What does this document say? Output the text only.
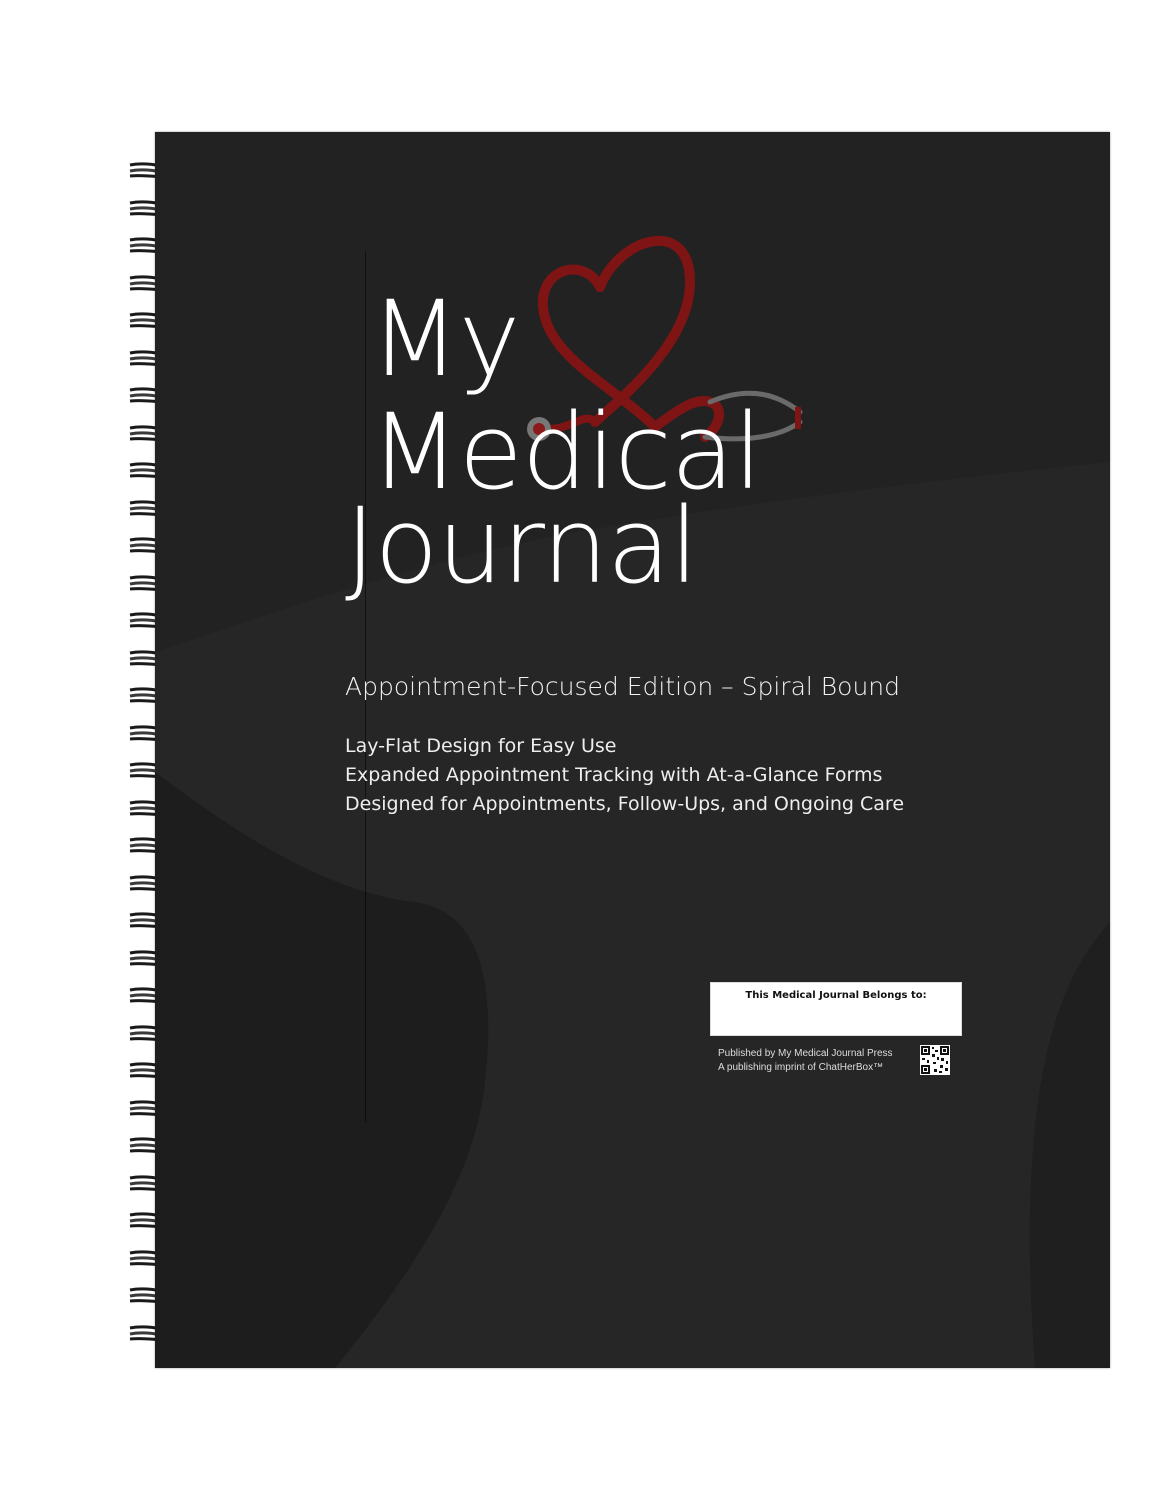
My
Medical
Journal
Appointment-Focused Edition – Spiral Bound
Lay-Flat Design for Easy Use
Expanded Appointment Tracking with At-a-Glance Forms
Designed for Appointments, Follow-Ups, and Ongoing Care
This Medical Journal Belongs to:
Published by My Medical Journal Press
A publishing imprint of ChatHerBox™
